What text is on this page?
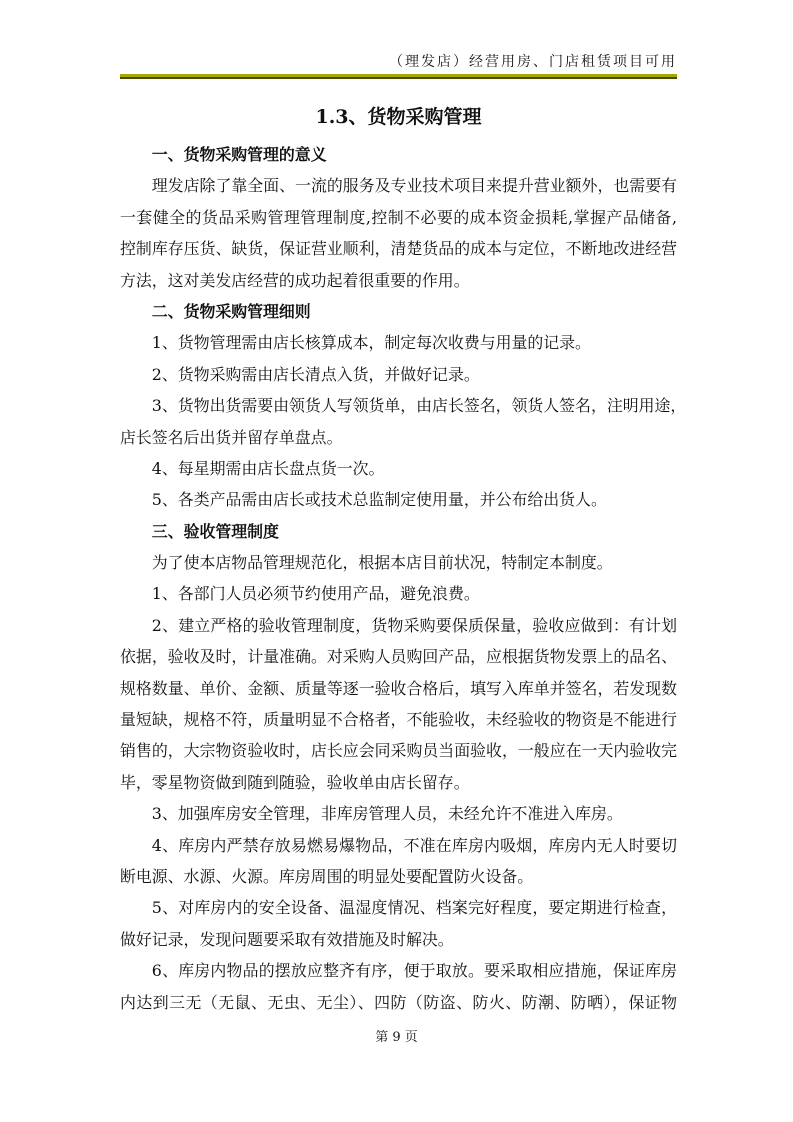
（理发店）经营用房、门店租赁项目可用
1.3、货物采购管理
一、货物采购管理的意义
理发店除了靠全面、一流的服务及专业技术项目来提升营业额外，也需要有
一套健全的货品采购管理管理制度,控制不必要的成本资金损耗,掌握产品储备,
控制库存压货、缺货，保证营业顺利，清楚货品的成本与定位，不断地改进经营
方法，这对美发店经营的成功起着很重要的作用。
二、货物采购管理细则
1、货物管理需由店长核算成本，制定每次收费与用量的记录。
2、货物采购需由店长清点入货，并做好记录。
3、货物出货需要由领货人写领货单，由店长签名，领货人签名，注明用途，
店长签名后出货并留存单盘点。
4、每星期需由店长盘点货一次。
5、各类产品需由店长或技术总监制定使用量，并公布给出货人。
三、验收管理制度
为了使本店物品管理规范化，根据本店目前状况，特制定本制度。
1、各部门人员必须节约使用产品，避免浪费。
2、建立严格的验收管理制度，货物采购要保质保量，验收应做到：有计划
依据，验收及时，计量准确。对采购人员购回产品，应根据货物发票上的品名、
规格数量、单价、金额、质量等逐一验收合格后，填写入库单并签名，若发现数
量短缺，规格不符，质量明显不合格者，不能验收，未经验收的物资是不能进行
销售的，大宗物资验收时，店长应会同采购员当面验收，一般应在一天内验收完
毕，零星物资做到随到随验，验收单由店长留存。
3、加强库房安全管理，非库房管理人员，未经允许不准进入库房。
4、库房内严禁存放易燃易爆物品，不准在库房内吸烟，库房内无人时要切
断电源、水源、火源。库房周围的明显处要配置防火设备。
5、对库房内的安全设备、温湿度情况、档案完好程度，要定期进行检查，
做好记录，发现问题要采取有效措施及时解决。
6、库房内物品的摆放应整齐有序，便于取放。要采取相应措施，保证库房
内达到三无（无鼠、无虫、无尘）、四防（防盗、防火、防潮、防晒），保证物
第 9 页
